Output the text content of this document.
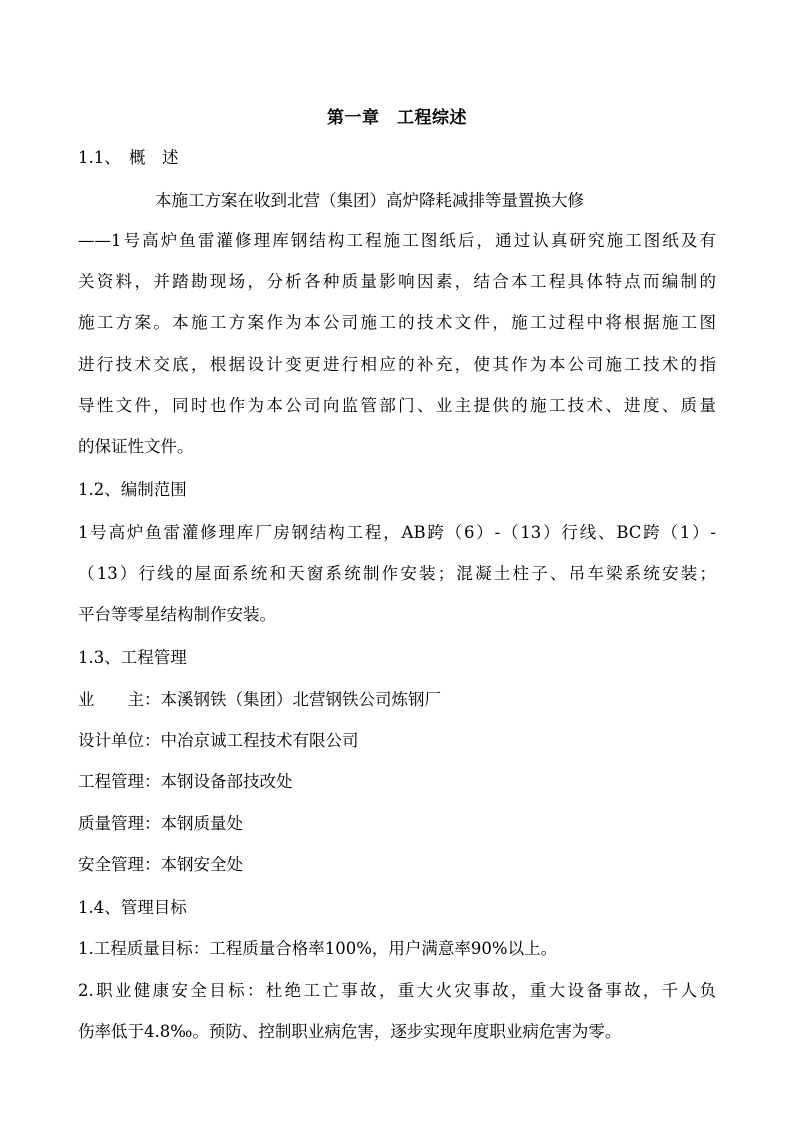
第一章　工程综述
1.1、　概　述
本施工方案在收到北营（集团）高炉降耗减排等量置换大修
——1号高炉鱼雷灌修理库钢结构工程施工图纸后，通过认真研究施工图纸及有
关资料，并踏勘现场，分析各种质量影响因素，结合本工程具体特点而编制的
施工方案。本施工方案作为本公司施工的技术文件，施工过程中将根据施工图
进行技术交底，根据设计变更进行相应的补充，使其作为本公司施工技术的指
导性文件，同时也作为本公司向监管部门、业主提供的施工技术、进度、质量
的保证性文件。
1.2、编制范围
1号高炉鱼雷灌修理库厂房钢结构工程，AB跨（6）-（13）行线、BC跨（1）-
（13）行线的屋面系统和天窗系统制作安装；混凝土柱子、吊车梁系统安装；
平台等零星结构制作安装。
1.3、工程管理
业　　主：本溪钢铁（集团）北营钢铁公司炼钢厂
设计单位：中冶京诚工程技术有限公司
工程管理：本钢设备部技改处
质量管理：本钢质量处
安全管理：本钢安全处
1.4、管理目标
1.工程质量目标：工程质量合格率100%，用户满意率90%以上。
2.职业健康安全目标：杜绝工亡事故，重大火灾事故，重大设备事故，千人负
伤率低于4.8‰。预防、控制职业病危害，逐步实现年度职业病危害为零。
